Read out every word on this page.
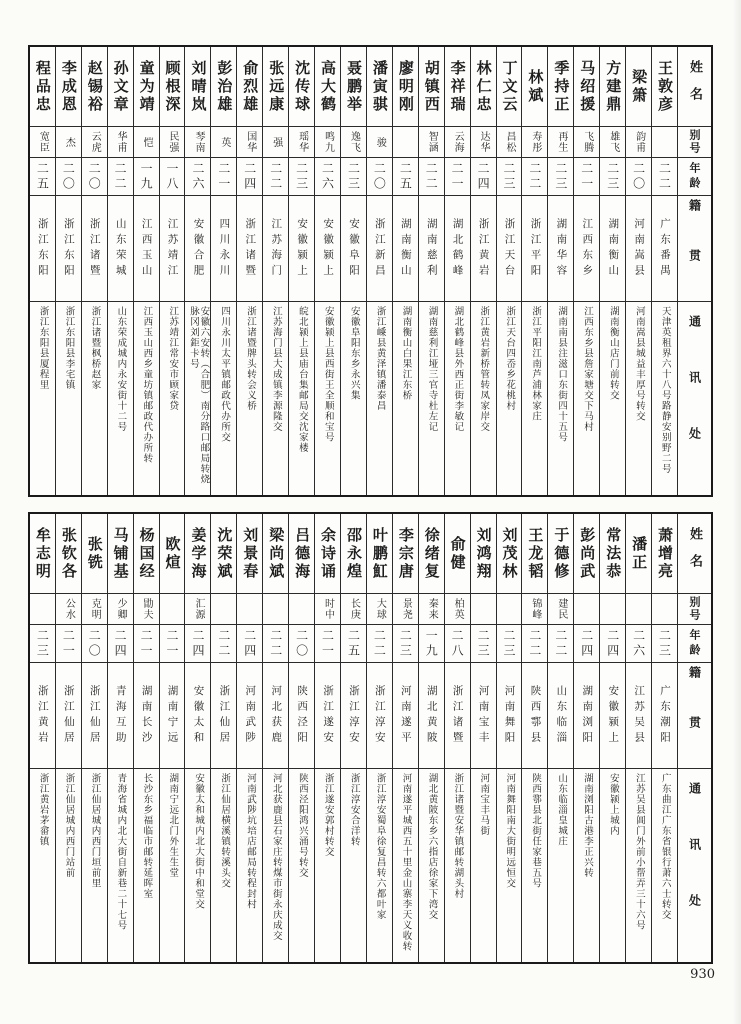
姓名
别号
年龄
籍贯
通讯处
王敦彦
二二
广东番禺
天津英租界六十八号路静安别野二号
梁箫
韵甫
二〇
河南嵩县
河南嵩县城益丰厚号转交
方建鼎
雄飞
二三
湖南衡山
湖南衡山店门前转交
马绍援
飞腾
二一
江西东乡
江西东乡县詹家塘交下马村
季持正
再生
二三
湖南华容
湖南南县注滋口东街四十五号
林斌
寿彤
二二
浙江平阳
浙江平阳江南芦浦林家庄
丁文云
昌松
二三
浙江天台
浙江天台四岙乡花桃村
林仁忠
达华
二四
浙江黄岩
浙江黄岩新桥管转凤家岸交
李祥瑞
云海
二一
湖北鹤峰
湖北鹤峰县外西正街李敏记
胡镇西
智涵
二二
湖南慈利
湖南慈利江垭三官寺杜左记
廖明刚
二五
湖南衡山
湖南衡山白果江东桥
潘寅骐
骏
二〇
浙江新昌
浙江嵊县黄泽镇潘泰昌
聂鹏举
逸飞
二三
安徽阜阳
安徽阜阳东乡永兴集
高大鹤
鸣九
二六
安徽颍上
安徽颍上县西街王全顺和宝号
沈传球
瑶华
二三
安徽颍上
皖北颍上县庙台集邮局交沈家楼
张远康
强
二二
江苏海门
江苏海门县大成镇李源隆交
俞烈雄
国华
二四
浙江诸暨
浙江诸暨牌头转会义桥
彭治雄
英
二一
四川永川
四川永川太平镇邮政代办所交
刘晴岚
琴南
二六
安徽合肥
安徽六安转（合肥）南分路口邮局转烧脉冈刘鉅卡号
顾根深
民强
一八
江苏靖江
江苏靖江常安市顾家贷
童为靖
恺
一九
江西玉山
江西玉山西乡童坊镇邮政代办所转
孙文章
华甫
二二
山东荣城
山东荣成城内永安街十二号
赵锡裕
云虎
二〇
浙江诸暨
浙江诸暨枫桥赵家
李成恩
杰
二〇
浙江东阳
浙江东阳县李宅镇
程品忠
宽臣
二五
浙江东阳
浙江东阳县厦程里
姓名
别号
年龄
籍贯
通讯处
萧增亮
二三
广东潮阳
广东曲江广东省银行萧六士转交
潘正
二六
江苏吴县
江苏吴县阊门外前小帮弄三十六号
常法恭
二四
安徽颍上
安徽颍上城内
彭尚武
二四
湖南浏阳
湖南浏阳古港李正兴转
于德修
建民
二二
山东临淄
山东临淄皇城庄
王龙韬
锦峰
二二
陕西鄠县
陕西鄠县北街任家巷五号
刘茂林
二三
河南舞阳
河南舞阳南大街明远恒交
刘鸿翔
二三
河南宝丰
河南宝丰马街
俞健
柏英
二八
浙江诸暨
浙江诸暨安华镇邮转湖头村
徐绪复
秦来
一九
湖北黄陂
湖北黄陂东乡六指店徐家下湾交
李宗唐
景尧
二三
河南遂平
河南遂平城西五十里金山寨李天义收转
叶鹏魟
大球
二二
浙江淳安
浙江淳安蜀阜徐复昌转六都叶家
邵永煌
长庚
二五
浙江淳安
浙江淳安合洋转
余诗诵
时中
二一
浙江遂安
浙江遂安郭村转交
吕德海
二〇
陕西泾阳
陕西泾阳鸿兴涌号转交
梁尚斌
二二
河北获鹿
河北获鹿县石家庄转煤市街永庆成交
刘景春
二四
河南武陟
河南武陟坑培店邮局转程封村
沈荣斌
二二
浙江仙居
浙江仙居横溪镇转溪头交
姜学海
汇源
二四
安徽太和
安徽太和城内北大街中和堂交
欧煊
二一
湖南宁远
湖南宁远北门外生生堂
杨国经
勖夫
二一
湖南长沙
长沙东乡福临市邮转延晖室
马铺基
少卿
二四
青海互助
青海省城内北大街自新巷二十七号
张铣
克明
二〇
浙江仙居
浙江仙居城内西门垣前里
张钦各
公水
二一
浙江仙居
浙江仙居城内西门站前
牟志明
二三
浙江黄岩
浙江黄岩茅畲镇
930
